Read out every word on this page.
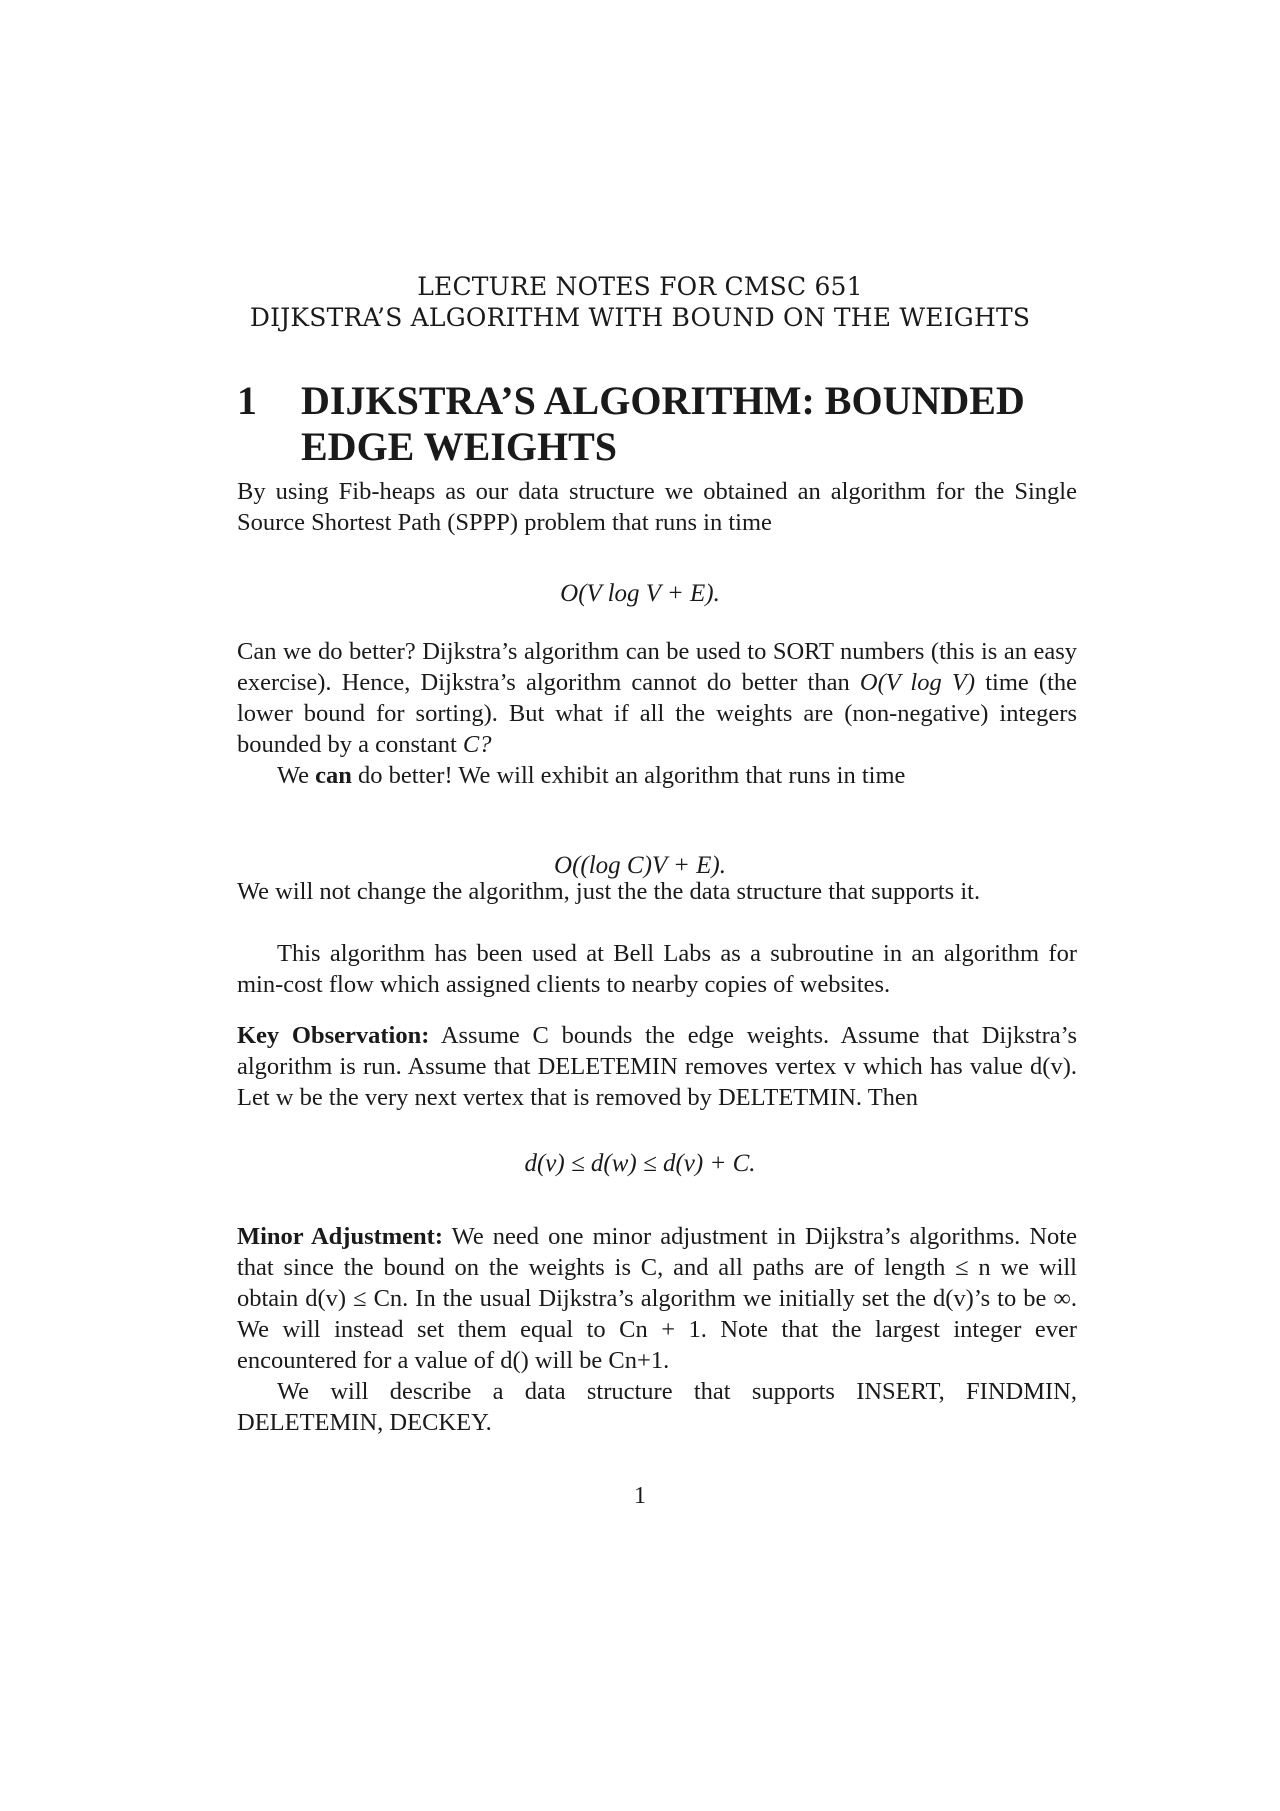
LECTURE NOTES FOR CMSC 651
DIJKSTRA’S ALGORITHM WITH BOUND ON THE WEIGHTS
1 DIJKSTRA’S ALGORITHM: BOUNDED EDGE WEIGHTS

By using Fib-heaps as our data structure we obtained an algorithm for the Single Source Shortest Path (SPPP) problem that runs in time

O(V log V + E).

Can we do better? Dijkstra’s algorithm can be used to SORT numbers (this is an easy exercise). Hence, Dijkstra’s algorithm cannot do better than O(V log V) time (the lower bound for sorting). But what if all the weights are (non-negative) integers bounded by a constant C?

We can do better! We will exhibit an algorithm that runs in time

O((log C)V + E).

We will not change the algorithm, just the the data structure that supports it.

This algorithm has been used at Bell Labs as a subroutine in an algorithm for min-cost flow which assigned clients to nearby copies of websites.

Key Observation: Assume C bounds the edge weights. Assume that Dijkstra’s algorithm is run. Assume that DELETEMIN removes vertex v which has value d(v). Let w be the very next vertex that is removed by DELTETMIN. Then

d(v) ≤ d(w) ≤ d(v) + C.

Minor Adjustment: We need one minor adjustment in Dijkstra’s algorithms. Note that since the bound on the weights is C, and all paths are of length ≤ n we will obtain d(v) ≤ Cn. In the usual Dijkstra’s algorithm we initially set the d(v)’s to be ∞. We will instead set them equal to Cn + 1. Note that the largest integer ever encountered for a value of d() will be Cn+1.

We will describe a data structure that supports INSERT, FINDMIN, DELETEMIN, DECKEY.

1
